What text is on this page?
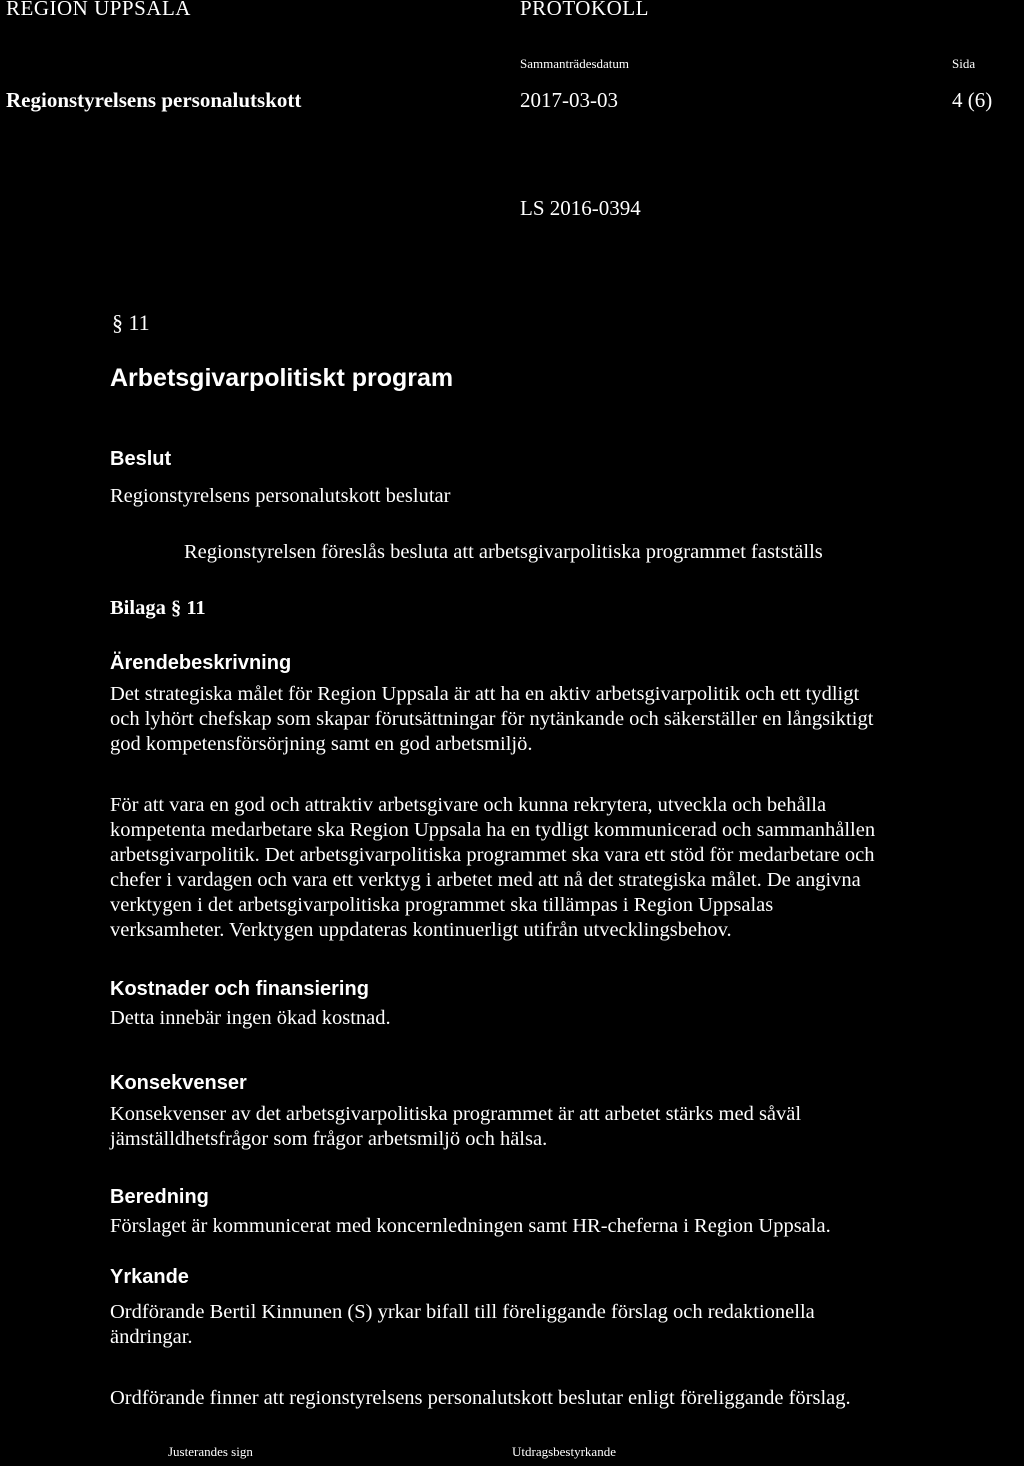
REGION UPPSALA	PROTOKOLL
Sammanträdesdatum	Sida
Regionstyrelsens personalutskott	2017-03-03	4 (6)
LS 2016-0394
§ 11
Arbetsgivarpolitiskt program
Beslut
Regionstyrelsens personalutskott beslutar
Regionstyrelsen föreslås besluta att arbetsgivarpolitiska programmet fastställs
Bilaga § 11
Ärendebeskrivning
Det strategiska målet för Region Uppsala är att ha en aktiv arbetsgivarpolitik och ett tydligt
och lyhört chefskap som skapar förutsättningar för nytänkande och säkerställer en långsiktigt
god kompetensförsörjning samt en god arbetsmiljö.
För att vara en god och attraktiv arbetsgivare och kunna rekrytera, utveckla och behålla
kompetenta medarbetare ska Region Uppsala ha en tydligt kommunicerad och sammanhållen
arbetsgivarpolitik. Det arbetsgivarpolitiska programmet ska vara ett stöd för medarbetare och
chefer i vardagen och vara ett verktyg i arbetet med att nå det strategiska målet. De angivna
verktygen i det arbetsgivarpolitiska programmet ska tillämpas i Region Uppsalas
verksamheter. Verktygen uppdateras kontinuerligt utifrån utvecklingsbehov.
Kostnader och finansiering
Detta innebär ingen ökad kostnad.
Konsekvenser
Konsekvenser av det arbetsgivarpolitiska programmet är att arbetet stärks med såväl
jämställdhetsfrågor som frågor arbetsmiljö och hälsa.
Beredning
Förslaget är kommunicerat med koncernledningen samt HR-cheferna i Region Uppsala.
Yrkande
Ordförande Bertil Kinnunen (S) yrkar bifall till föreliggande förslag och redaktionella
ändringar.
Ordförande finner att regionstyrelsens personalutskott beslutar enligt föreliggande förslag.
Justerandes sign	Utdragsbestyrkande
